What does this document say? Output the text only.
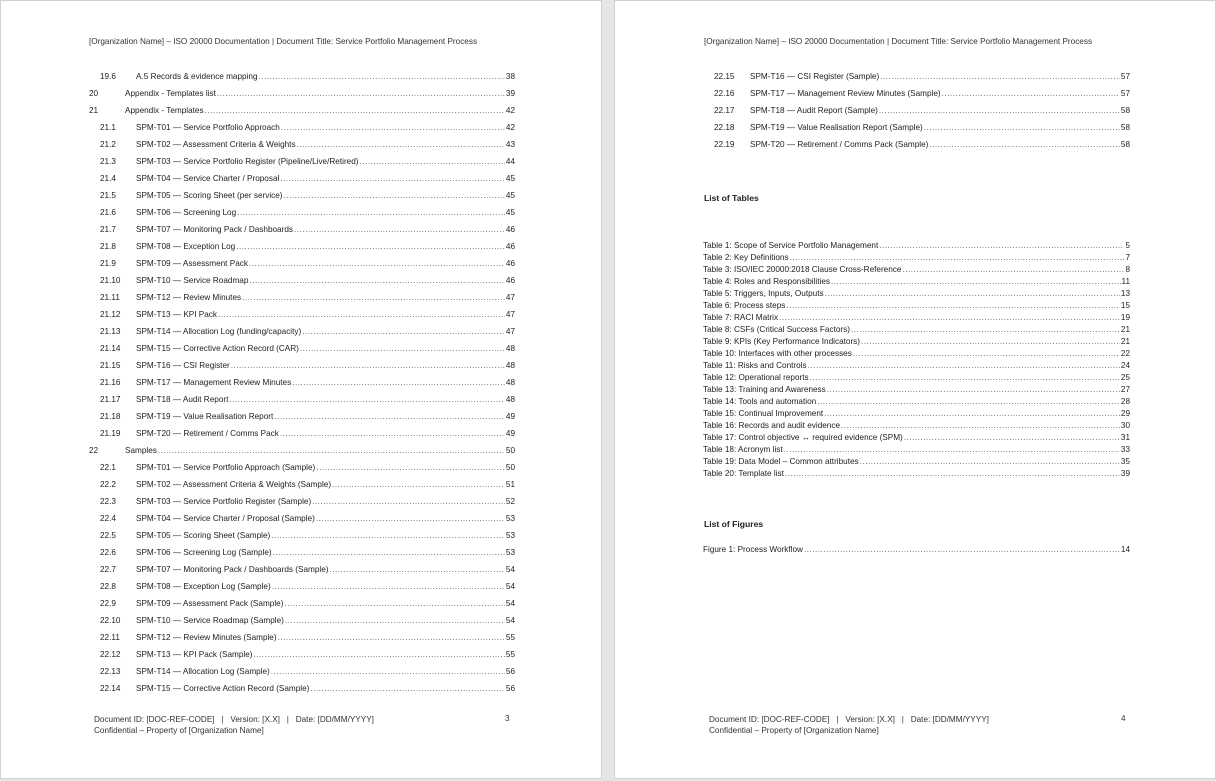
[Organization Name] – ISO 20000 Documentation | Document Title: Service Portfolio Management Process
19.6	A.5 Records & evidence mapping .....	38
20	Appendix - Templates list .....	39
21	Appendix - Templates .....	42
21.1	SPM-T01 — Service Portfolio Approach .....	42
21.2	SPM-T02 — Assessment Criteria & Weights .....	43
21.3	SPM-T03 — Service Portfolio Register (Pipeline/Live/Retired) .....	44
21.4	SPM-T04 — Service Charter / Proposal .....	45
21.5	SPM-T05 — Scoring Sheet (per service) .....	45
21.6	SPM-T06 — Screening Log .....	45
21.7	SPM-T07 — Monitoring Pack / Dashboards .....	46
21.8	SPM-T08 — Exception Log .....	46
21.9	SPM-T09 — Assessment Pack .....	46
21.10	SPM-T10 — Service Roadmap .....	46
21.11	SPM-T12 — Review Minutes .....	47
21.12	SPM-T13 — KPI Pack .....	47
21.13	SPM-T14 — Allocation Log (funding/capacity) .....	47
21.14	SPM-T15 — Corrective Action Record (CAR) .....	48
21.15	SPM-T16 — CSI Register .....	48
21.16	SPM-T17 — Management Review Minutes .....	48
21.17	SPM-T18 — Audit Report .....	48
21.18	SPM-T19 — Value Realisation Report .....	49
21.19	SPM-T20 — Retirement / Comms Pack .....	49
22	Samples .....	50
22.1	SPM-T01 — Service Portfolio Approach (Sample) .....	50
22.2	SPM-T02 — Assessment Criteria & Weights (Sample) .....	51
22.3	SPM-T03 — Service Portfolio Register (Sample) .....	52
22.4	SPM-T04 — Service Charter / Proposal (Sample) .....	53
22.5	SPM-T05 — Scoring Sheet (Sample) .....	53
22.6	SPM-T06 — Screening Log (Sample) .....	53
22.7	SPM-T07 — Monitoring Pack / Dashboards (Sample) .....	54
22.8	SPM-T08 — Exception Log (Sample) .....	54
22.9	SPM-T09 — Assessment Pack (Sample) .....	54
22.10	SPM-T10 — Service Roadmap (Sample) .....	54
22.11	SPM-T12 — Review Minutes (Sample) .....	55
22.12	SPM-T13 — KPI Pack (Sample) .....	55
22.13	SPM-T14 — Allocation Log (Sample) .....	56
22.14	SPM-T15 — Corrective Action Record (Sample) .....	56
Document ID: [DOC-REF-CODE]   |   Version: [X.X]   |   Date: [DD/MM/YYYY]
Confidential – Property of [Organization Name]
3
[Organization Name] – ISO 20000 Documentation | Document Title: Service Portfolio Management Process
22.15	SPM-T16 — CSI Register (Sample) .....	57
22.16	SPM-T17 — Management Review Minutes (Sample) .....	57
22.17	SPM-T18 — Audit Report (Sample) .....	58
22.18	SPM-T19 — Value Realisation Report (Sample) .....	58
22.19	SPM-T20 — Retirement / Comms Pack (Sample) .....	58
List of Tables
Table 1: Scope of Service Portfolio Management .....	5
Table 2: Key Definitions .....	7
Table 3: ISO/IEC 20000:2018 Clause Cross-Reference .....	8
Table 4: Roles and Responsibilities .....	11
Table 5: Triggers, Inputs, Outputs .....	13
Table 6: Process steps .....	15
Table 7: RACI Matrix .....	19
Table 8: CSFs (Critical Success Factors) .....	21
Table 9: KPIs (Key Performance Indicators) .....	21
Table 10: Interfaces with other processes .....	22
Table 11: Risks and Controls .....	24
Table 12: Operational reports .....	25
Table 13: Training and Awareness .....	27
Table 14: Tools and automation .....	28
Table 15: Continual Improvement .....	29
Table 16: Records and audit evidence .....	30
Table 17: Control objective ↔ required evidence (SPM) .....	31
Table 18: Acronym list .....	33
Table 19: Data Model – Common attributes .....	35
Table 20: Template list .....	39
List of Figures
Figure 1: Process Workflow .....	14
Document ID: [DOC-REF-CODE]   |   Version: [X.X]   |   Date: [DD/MM/YYYY]
Confidential – Property of [Organization Name]
4
